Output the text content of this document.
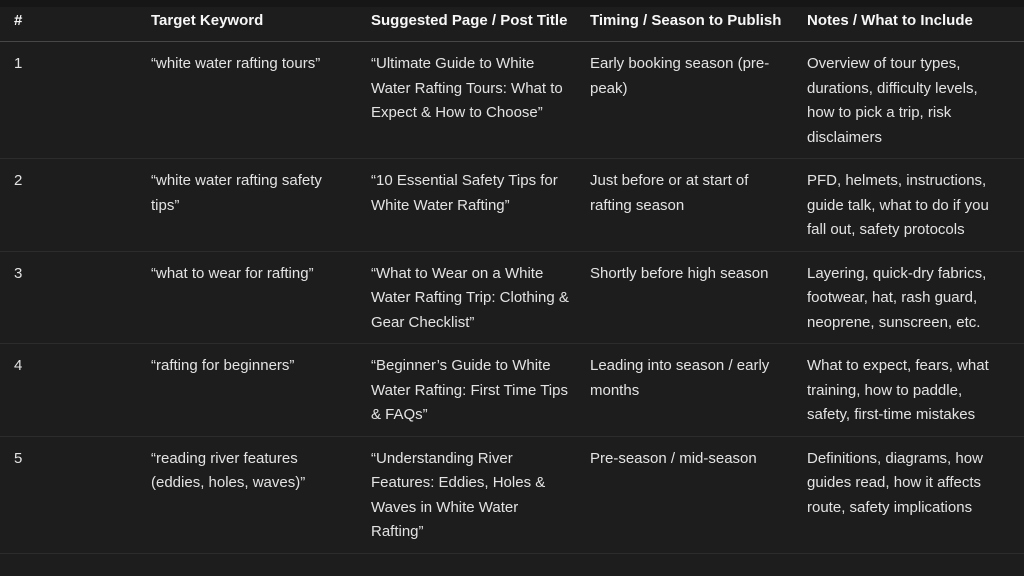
#	Target Keyword	Suggested Page / Post Title	Timing / Season to Publish	Notes / What to Include
1	“white water rafting tours”	“Ultimate Guide to White Water Rafting Tours: What to Expect & How to Choose”	Early booking season (pre-peak)	Overview of tour types, durations, difficulty levels, how to pick a trip, risk disclaimers
2	“white water rafting safety tips”	“10 Essential Safety Tips for White Water Rafting”	Just before or at start of rafting season	PFD, helmets, instructions, guide talk, what to do if you fall out, safety protocols
3	“what to wear for rafting”	“What to Wear on a White Water Rafting Trip: Clothing & Gear Checklist”	Shortly before high season	Layering, quick-dry fabrics, footwear, hat, rash guard, neoprene, sunscreen, etc.
4	“rafting for beginners”	“Beginner’s Guide to White Water Rafting: First Time Tips & FAQs”	Leading into season / early months	What to expect, fears, what training, how to paddle, safety, first-time mistakes
5	“reading river features (eddies, holes, waves)”	“Understanding River Features: Eddies, Holes & Waves in White Water Rafting”	Pre-season / mid-season	Definitions, diagrams, how guides read, how it affects route, safety implications
